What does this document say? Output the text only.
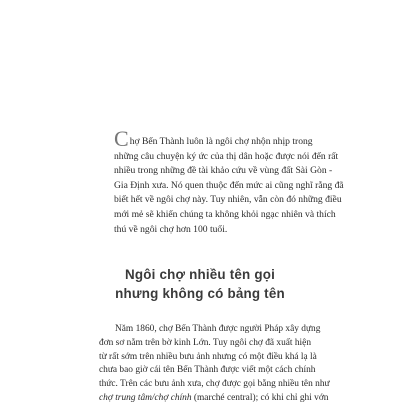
Chợ Bến Thành luôn là ngôi chợ nhộn nhịp trong
những câu chuyện ký ức của thị dân hoặc được nói đến rất
nhiều trong những đề tài khảo cứu về vùng đất Sài Gòn -
Gia Định xưa. Nó quen thuộc đến mức ai cũng nghĩ rằng đã
biết hết về ngôi chợ này. Tuy nhiên, vẫn còn đó những điều
mới mẻ sẽ khiến chúng ta không khỏi ngạc nhiên và thích
thú về ngôi chợ hơn 100 tuổi.

Ngôi chợ nhiều tên gọi
nhưng không có bảng tên

Năm 1860, chợ Bến Thành được người Pháp xây dựng
đơn sơ nằm trên bờ kinh Lớn. Tuy ngôi chợ đã xuất hiện
từ rất sớm trên nhiều bưu ảnh nhưng có một điều khá lạ là
chưa bao giờ cái tên Bến Thành được viết một cách chính
thức. Trên các bưu ảnh xưa, chợ được gọi bằng nhiều tên như
chợ trung tâm/chợ chính (marché central); có khi chỉ ghi vớn
